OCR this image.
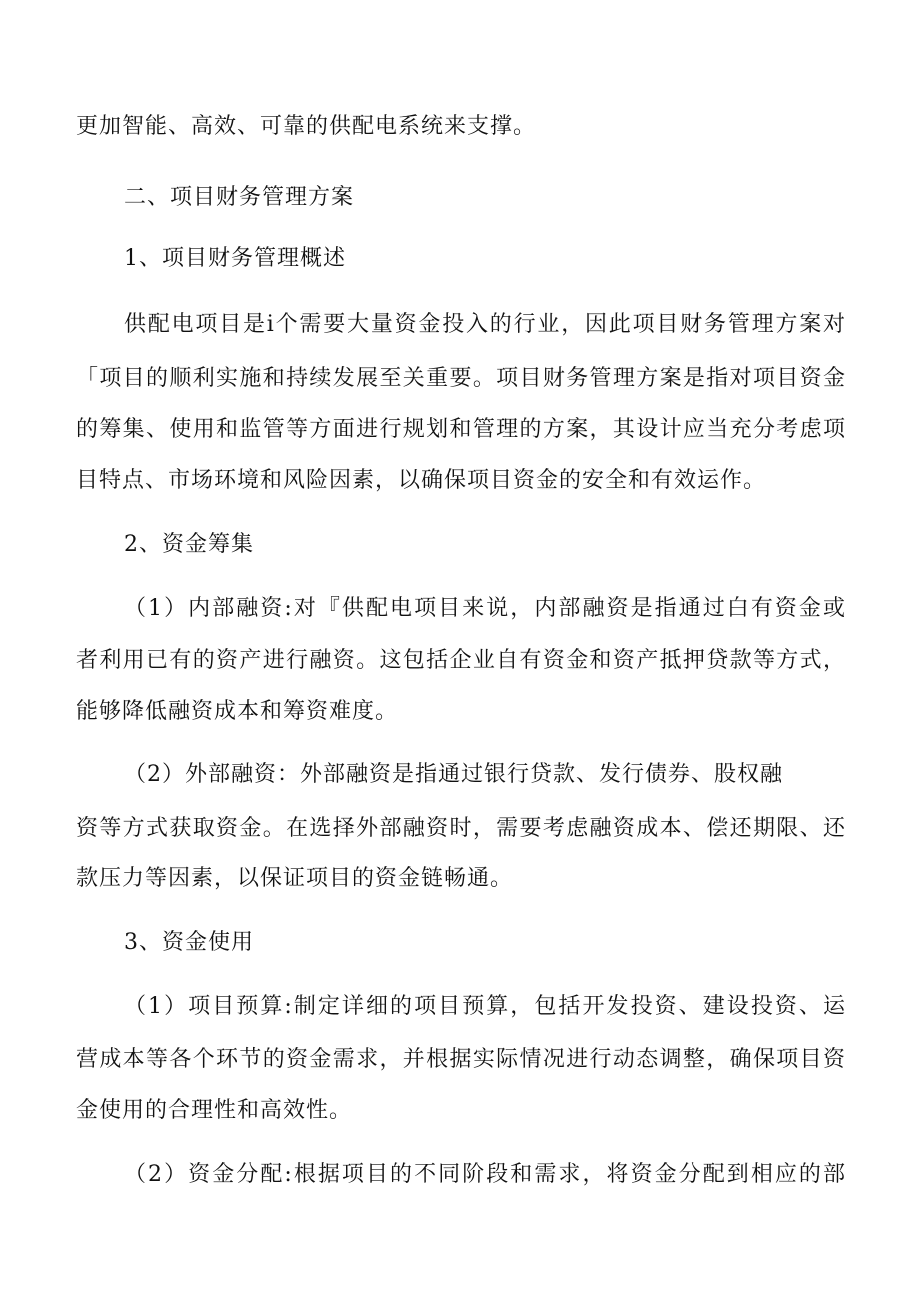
更加智能、高效、可靠的供配电系统来支撑。
二、项目财务管理方案
1、项目财务管理概述
供配电项目是i个需要大量资金投入的行业，因此项目财务管理方案对
「项目的顺利实施和持续发展至关重要。项目财务管理方案是指对项目资金
的筹集、使用和监管等方面进行规划和管理的方案，其设计应当充分考虑项
目特点、市场环境和风险因素，以确保项目资金的安全和有效运作。
2、资金筹集
（1）内部融资:对『供配电项目来说，内部融资是指通过白有资金或
者利用已有的资产进行融资。这包括企业自有资金和资产抵押贷款等方式，
能够降低融资成本和筹资难度。
（2）外部融资：外部融资是指通过银行贷款、发行债券、股权融
资等方式获取资金。在选择外部融资时，需要考虑融资成本、偿还期限、还
款压力等因素，以保证项目的资金链畅通。
3、资金使用
（1）项目预算:制定详细的项目预算，包括开发投资、建设投资、运
营成本等各个环节的资金需求，并根据实际情况进行动态调整，确保项目资
金使用的合理性和高效性。
（2）资金分配:根据项目的不同阶段和需求，将资金分配到相应的部
